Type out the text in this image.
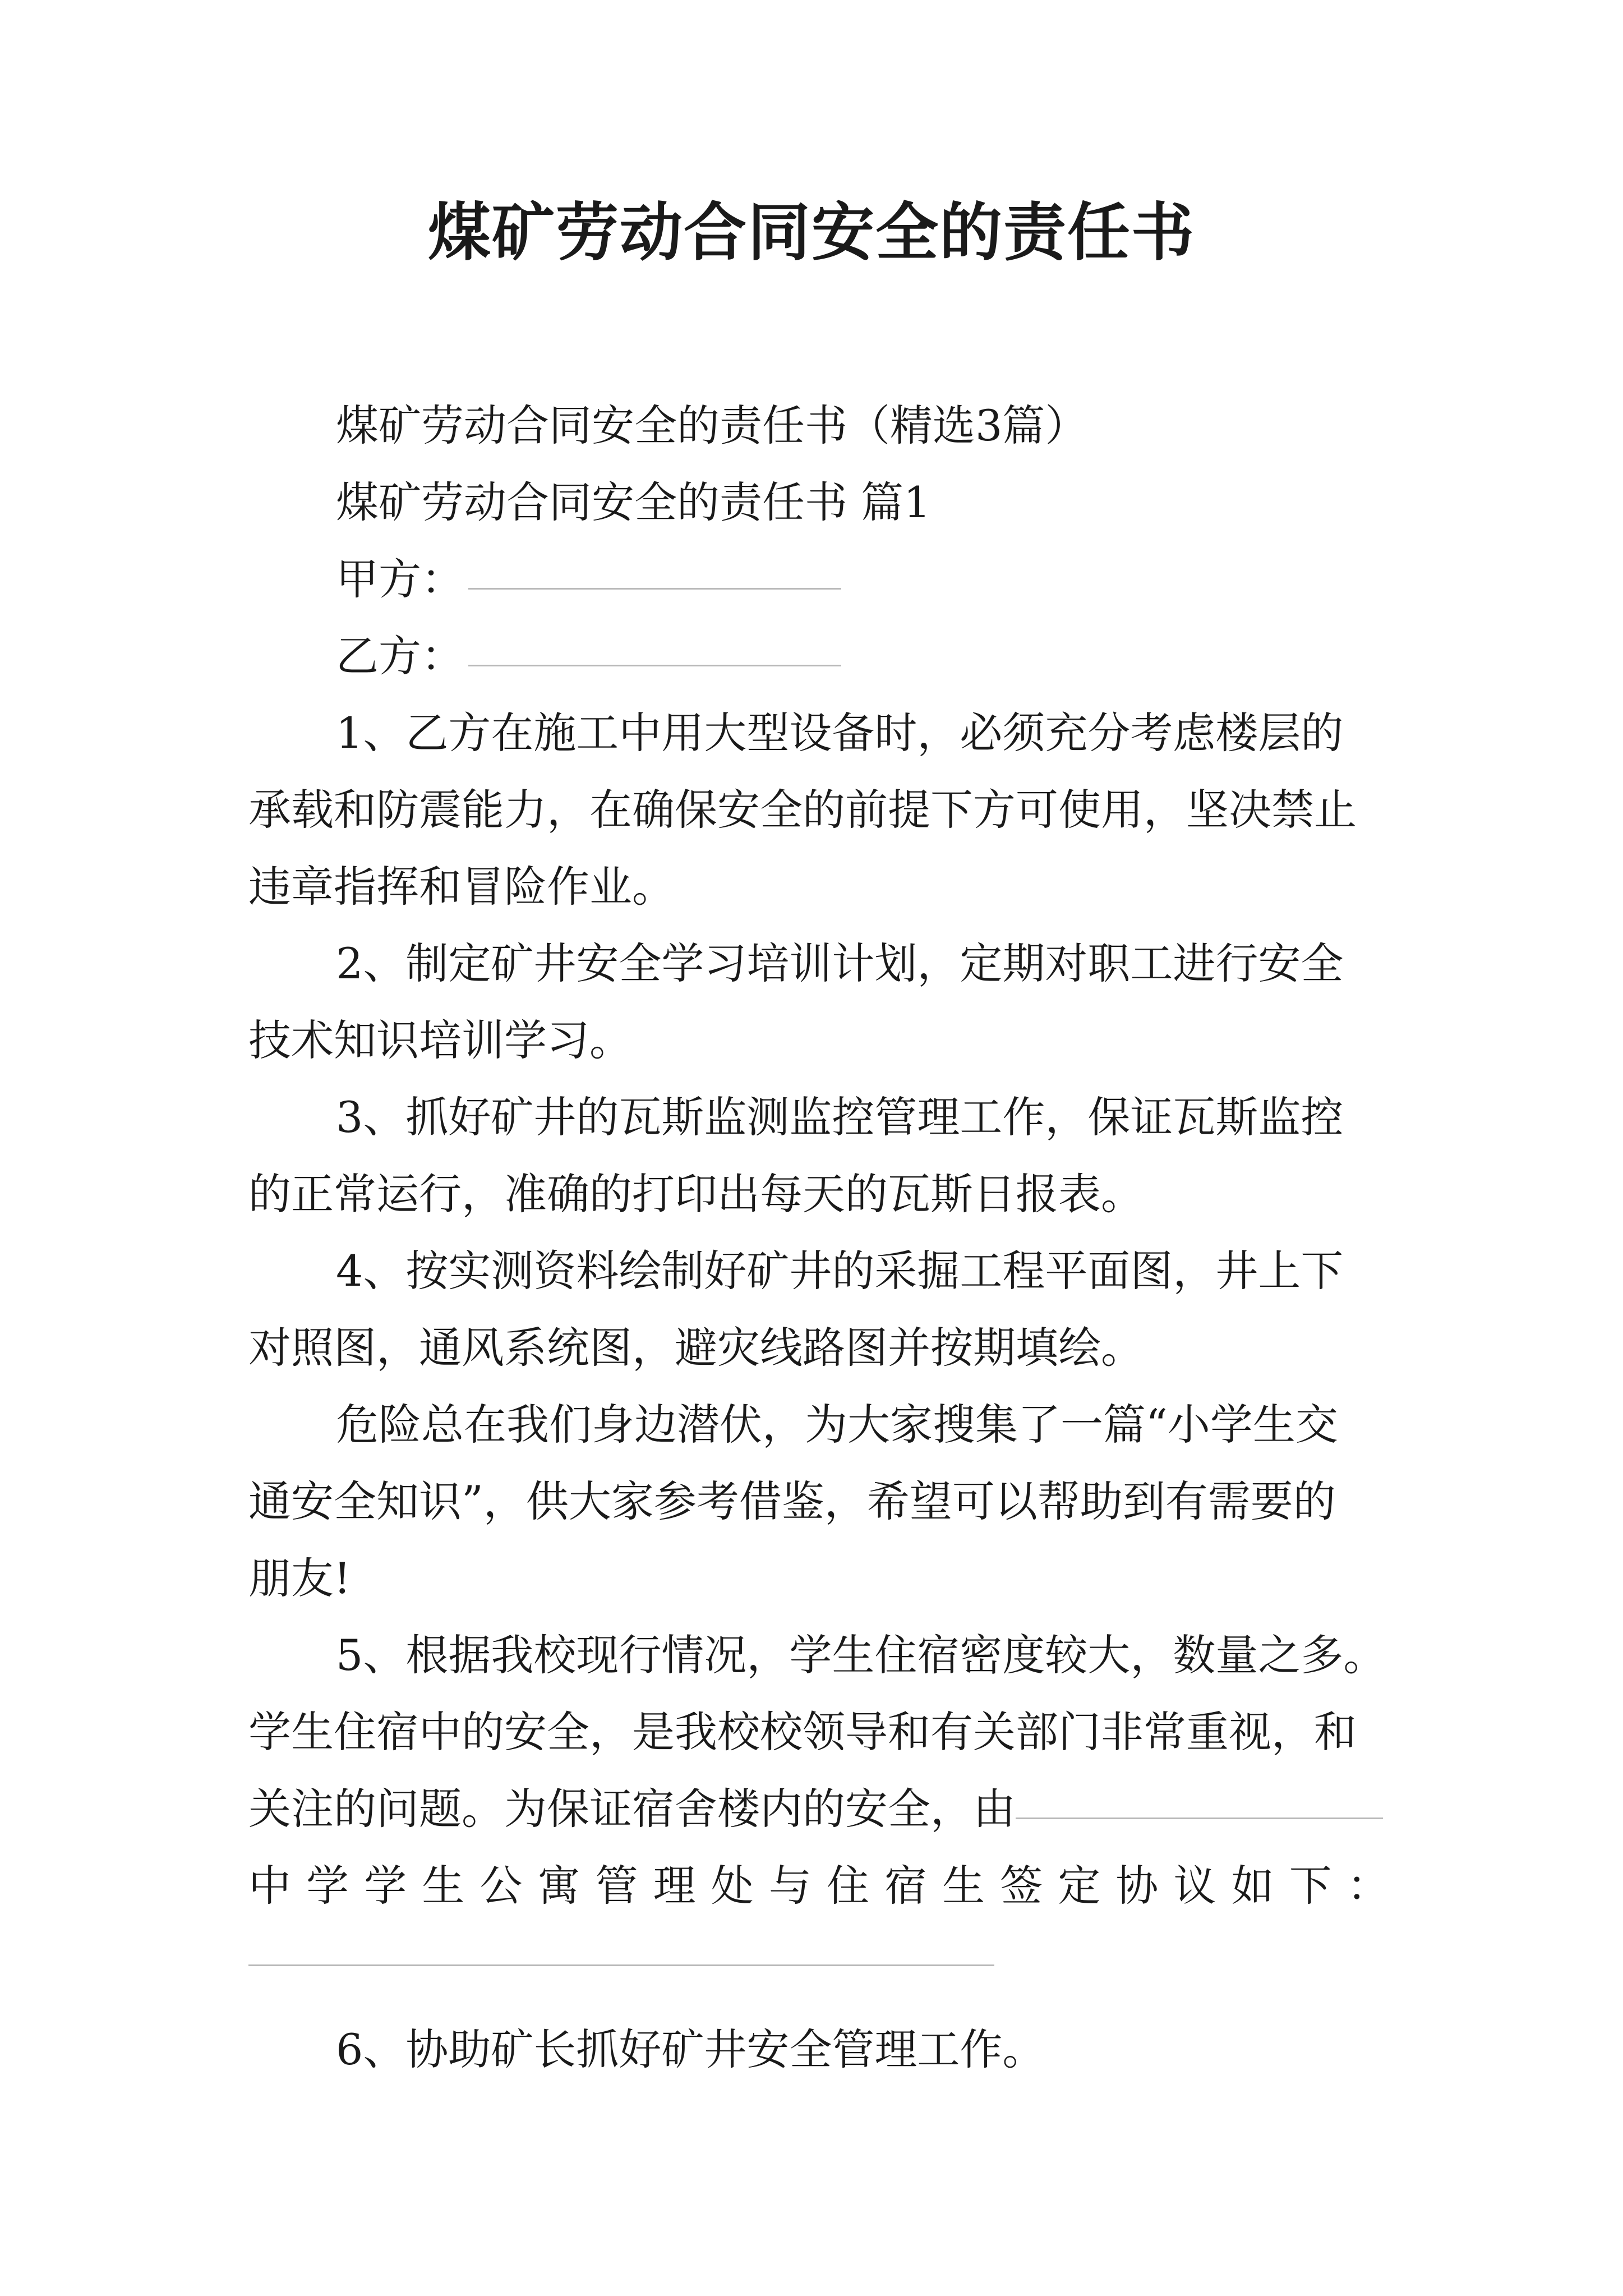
煤矿劳动合同安全的责任书
煤矿劳动合同安全的责任书（精选3篇）
煤矿劳动合同安全的责任书 篇1
甲方：
乙方：
1、乙方在施工中用大型设备时，必须充分考虑楼层的
承载和防震能力，在确保安全的前提下方可使用，坚决禁止
违章指挥和冒险作业。
2、制定矿井安全学习培训计划，定期对职工进行安全
技术知识培训学习。
3、抓好矿井的瓦斯监测监控管理工作，保证瓦斯监控
的正常运行，准确的打印出每天的瓦斯日报表。
4、按实测资料绘制好矿井的采掘工程平面图，井上下
对照图，通风系统图，避灾线路图并按期填绘。
危险总在我们身边潜伏，为大家搜集了一篇“小学生交
通安全知识”，供大家参考借鉴，希望可以帮助到有需要的
朋友!
5、根据我校现行情况，学生住宿密度较大，数量之多。
学生住宿中的安全，是我校校领导和有关部门非常重视，和
关注的问题。为保证宿舍楼内的安全，由
中 学 学 生 公 寓 管 理 处 与 住 宿 生 签 定 协 议 如 下 ：
6、协助矿长抓好矿井安全管理工作。
